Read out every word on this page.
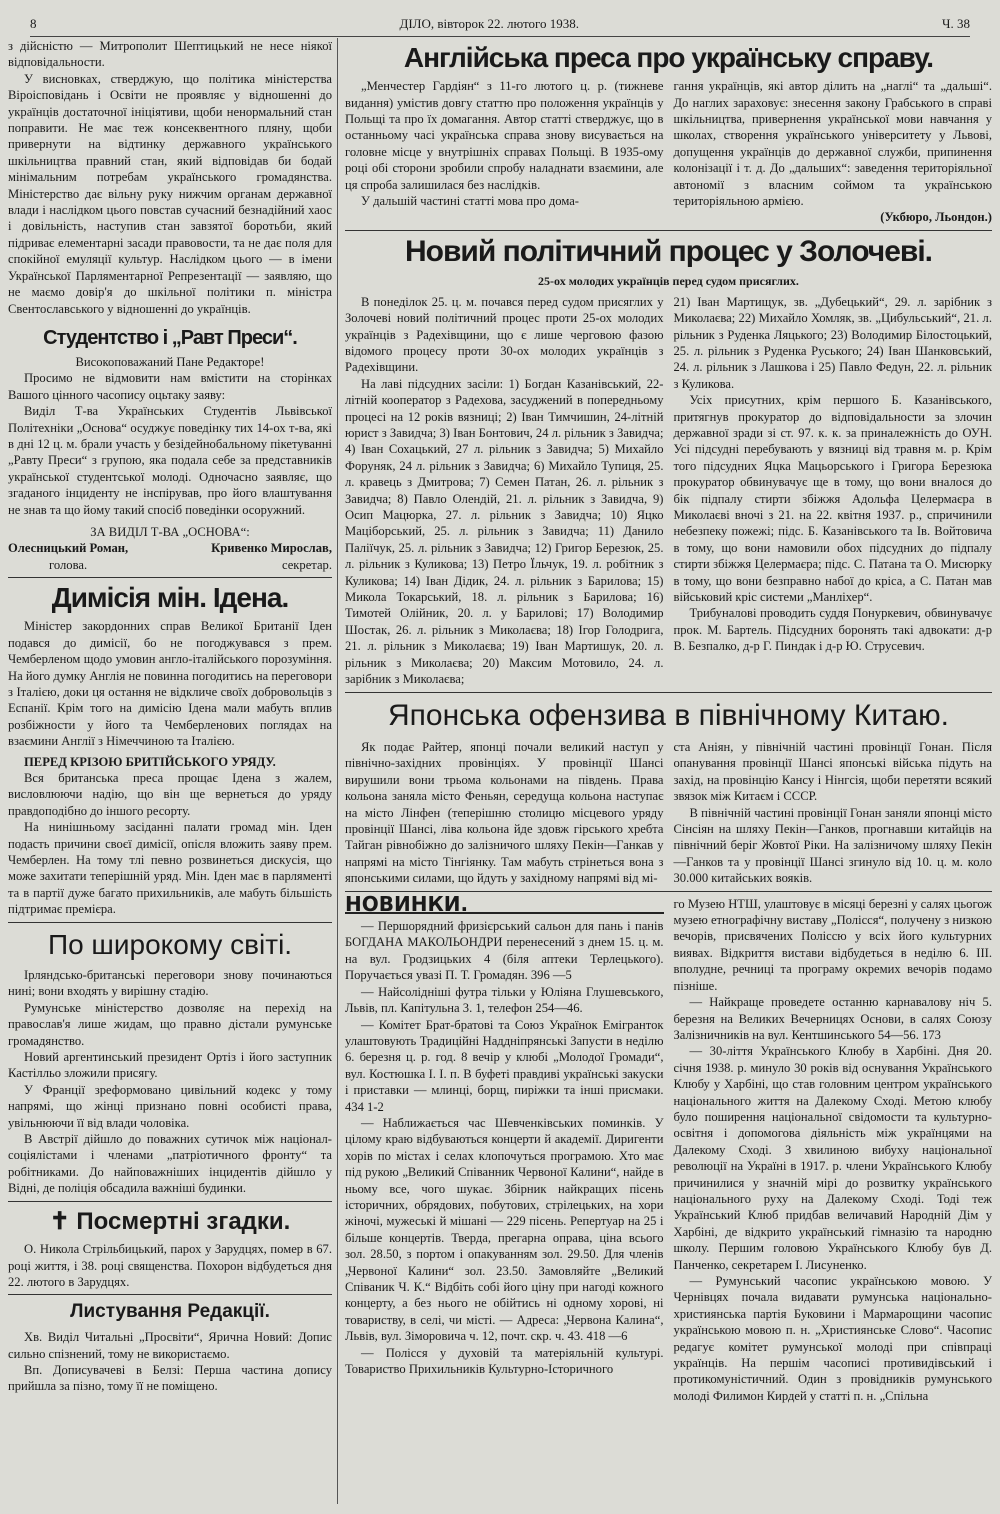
8	ДІЛО, вівторок 22. лютого 1938.	Ч. 38

з дійсністю — Митрополит Шептицький не несе ніякої відповідальности.

У висновках, стверджую, що політика міністерства Віроісповідань і Освіти не проявляє у відношенні до українців достаточної ініціятиви, щоби ненормальний стан поправити. Не має теж консеквентного пляну, щоби привернути на відтинку державного українського шкільництва правний стан, який відповідав би бодай мінімальним потребам українського громадянства. Міністерство дає вільну руку нижчим органам державної влади і наслідком цього повстав сучасний безнадійний хаос і довільність, наступив стан завзятої боротьби, який підриває елементарні засади правовости, та не дає поля для спокійної емуляції культур. Наслідком цього — в імени Української Парляментарної Репрезентації — заявляю, що не маємо довір'я до шкільної політики п. міністра Свентославського у відношенні до українців.

Студентство і „Равт Преси“.

Високоповажаний Пане Редакторе!

Просимо не відмовити нам вмістити на сторінках Вашого цінного часопису оцьтаку заяву:

Виділ Т-ва Українських Студентів Львівської Політехніки „Основа“ осуджує поведінку тих 14-ох т-ва, які в дні 12 ц. м. брали участь у безідейнобальному пікетуванні „Равту Преси“ з групою, яка подала себе за представників української студентської молоді. Одночасно заявляє, що згаданого інциденту не інспірував, про його влаштування не знав та що йому такий спосіб поведінки осоружний.

ЗА ВИДІЛ Т-ВА „ОСНОВА“:

Олесницький Роман,
голова.
Кривенко Мирослав,
секретар.
Димісія мін. Ідена.

Міністер закордонних справ Великої Британії Іден подався до димісії, бо не погоджувався з прем. Чемберленом щодо умовин англо-італійського порозуміння. На його думку Англія не повинна погодитись на переговори з Італією, доки ця остання не відкличе своїх добровольців з Еспанії. Крім того на димісію Ідена мали мабуть вплив розбіжности у його та Чемберленових поглядах на взаємини Англії з Німеччиною та Італією.

ПЕРЕД КРІЗОЮ БРИТІЙСЬКОГО УРЯДУ.

Вся британська преса прощає Ідена з жалем, висловлюючи надію, що він ще вернеться до уряду правдоподібно до іншого ресорту.

На нинішньому засіданні палати громад мін. Іден подасть причини своєї димісії, опісля вложить заяву прем. Чемберлен. На тому тлі певно розвинеться дискусія, що може захитати теперішній уряд. Мін. Іден має в парляменті та в партії дуже багато прихильників, але мабуть більшість підтримає премієра.

По широкому світі.

Ірляндсько-британські переговори знову починаються нині; вони входять у вирішну стадію.

Румунське міністерство дозволяє на перехід на православ'я лише жидам, що правно дістали румунське громадянство.

Новий аргентинський президент Ортіз і його заступник Кастілльо зложили присягу.

У Франції зреформовано цивільний кодекс у тому напрямі, що жінці признано повні особисті права, увільнюючи її від влади чоловіка.

В Австрії дійшло до поважних сутичок між націонал-соціялістами і членами „патріотичного фронту“ та робітниками. До найповажніших інцидентів дійшло у Відні, де поліція обсадила важніші будинки.

✝ Посмертні згадки.

О. Никола Стрільбицький, парох у Зарудцях, помер в 67. році життя, і 38. році священства. Похорон відбудеться дня 22. лютого в Зарудцях.

Листування Редакції.

Хв. Виділ Читальні „Просвіти“, Ярична Новий: Допис сильно спізнений, тому не використаємо.

Вп. Дописувачеві в Белзі: Перша частина допису прийшла за пізно, тому її не поміщено.

Англійська преса про українську справу.

„Менчестер Гардіян“ з 11-го лютого ц. р. (тижневе видання) умістив довгу статтю про положення українців у Польщі та про їх домагання. Автор статті стверджує, що в останньому часі українська справа знову висувається на головне місце у внутрішніх справах Польщі. В 1935-ому році обі сторони зробили спробу наладнати взаємини, але ця спроба залишилася без наслідків.

У дальшій частині статті мова про дома-

гання українців, які автор ділить на „наглі“ та „дальші“. До наглих зараховує: знесення закону Грабського в справі шкільництва, привернення української мови навчання у школах, створення українського університету у Львові, допущення українців до державної служби, припинення колонізації і т. д. До „дальших“: заведення територіяльної автономії з власним соймом та українською територіяльною армією.

(Укбюро, Льондон.)

Новий політичний процес у Золочеві.
25-ох молодих українців перед судом присяглих.

В понеділок 25. ц. м. почався перед судом присяглих у Золочеві новий політичний процес проти 25-ох молодих українців з Радехівщини, що є лише черговою фазою відомого процесу проти 30-ох молодих українців з Радехівщини.

На лаві підсудних засіли: 1) Богдан Казанівський, 22-літній кооператор з Радехова, засуджений в попередньому процесі на 12 років вязниці; 2) Іван Тимчишин, 24-літній юрист з Завидча; 3) Іван Бонтович, 24 л. рільник з Завидча; 4) Іван Сохацький, 27 л. рільник з Завидча; 5) Михайло Форуняк, 24 л. рільник з Завидча; 6) Михайло Тупиця, 25. л. кравець з Дмитрова; 7) Семен Патан, 26. л. рільник з Завидча; 8) Павло Олендій, 21. л. рільник з Завидча, 9) Осип Мацюрка, 27. л. рільник з Завидча; 10) Яцко Маціборський, 25. л. рільник з Завидча; 11) Данило Паліїчук, 25. л. рільник з Завидча; 12) Григор Березюк, 25. л. рільник з Куликова; 13) Петро Їльчук, 19. л. робітник з Куликова; 14) Іван Дідик, 24. л. рільник з Барилова; 15) Микола Токарський, 18. л. рільник з Барилова; 16) Тимотей Олійник, 20. л. у Барилові; 17) Володимир Шостак, 26. л. рільник з Миколаєва; 18) Ігор Голодрига, 21. л. рільник з Миколаєва; 19) Іван Мартишук, 20. л. рільник з Миколаєва; 20) Максим Мотовило, 24. л. зарібник з Миколаєва;

21) Іван Мартищук, зв. „Дубецький“, 29. л. зарібник з Миколаєва; 22) Михайло Хомляк, зв. „Цибульський“, 21. л. рільник з Руденка Ляцького; 23) Володимир Білостоцький, 25. л. рільник з Руденка Руського; 24) Іван Шанковський, 24. л. рільник з Лашкова і 25) Павло Федун, 22. л. рільник з Куликова.

Усіх присутних, крім першого Б. Казанівського, притягнув прокуратор до відповідальности за злочин державної зради зі ст. 97. к. к. за приналежність до ОУН. Усі підсудні перебувають у вязниці від травня м. р. Крім того підсудних Яцка Мацьорського і Григора Березюка прокуратор обвинувачує ще в тому, що вони вналося до бік підпалу стирти збіжжя Адольфа Целермаєра в Миколаєві вночі з 21. на 22. квітня 1937. р., спричинили небезпеку пожежі; підс. Б. Казанівського та Ів. Войтовича в тому, що вони намовили обох підсудних до підпалу стирти збіжжя Целермаєра; підс. С. Патана та О. Мисюрку в тому, що вони безправно набої до кріса, а С. Патан мав військовий кріс системи „Манліхер“.

Трибуналові проводить суддя Понуркевич, обвинувачує прок. М. Бартель. Підсудних боронять такі адвокати: д-р В. Безпалко, д-р Г. Пиндак і д-р Ю. Струсевич.

Японська офензива в північному Китаю.

Як подає Райтер, японці почали великий наступ у північно-західних провінціях. У провінції Шансі вирушили вони трьома кольонами на південь. Права кольона заняла місто Феньян, середуща кольона наступає на місто Лінфен (теперішню столицю місцевого уряду провінції Шансі, ліва кольона йде здовж гірського хребта Тайган рівнобіжно до залізничого шляху Пекін—Ганкав у напрямі на місто Тінгіянку. Там мабуть стрінеться вона з японськими силами, що йдуть у західному напрямі від мі-

ста Аніян, у північній частині провінції Гонан. Після опанування провінції Шансі японські війська підуть на захід, на провінцію Кансу і Нінгсія, щоби перетяти всякий звязок між Китаєм і СССР.

В північній частині провінції Гонан заняли японці місто Сінсіян на шляху Пекін—Ганков, прогнавши китайців на північний беріг Жовтої Ріки. На залізничому шляху Пекін—Ганков та у провінції Шансі згинуло від 10. ц. м. коло 30.000 китайських вояків.

НОВИНКИ.

— Першорядний фризієрський сальон для пань і панів БОГДАНА МАКОЛЬОНДРИ перенесений з днем 15. ц. м. на вул. Гродзицьких 4 (біля аптеки Терлецького). Поручається увазі П. Т. Громадян. 396 —5

— Найсолідніші футра тільки у Юліяна Глушевського, Львів, пл. Капітульна 3. 1, телефон 254—46.

— Комітет Брат-братові та Союз Українок Емігранток улаштовують Традиційні Наддніпрянські Запусти в неділю 6. березня ц. р. год. 8 вечір у клюбі „Молодої Громади“, вул. Костюшка І. І. п. В буфеті правдиві українські закуски і приставки — млинці, борщ, пиріжки та інші присмаки. 434 1-2

— Наближається час Шевченківських поминків. У цілому краю відбуваються концерти й академії. Диригенти хорів по містах і селах клопочуться програмою. Хто має під рукою „Великий Співанник Червоної Калини“, найде в ньому все, чого шукає. Збірник найкращих пісень історичних, обрядових, побутових, стрілецьких, на хори жіночі, мужеські й мішані — 229 пісень. Репертуар на 25 і більше концертів. Тверда, прегарна оправа, ціна всього зол. 28.50, з портом і опакуванням зол. 29.50. Для членів „Червоної Калини“ зол. 23.50. Замовляйте „Великий Співаник Ч. К.“ Відбіть собі його ціну при нагоді кожного концерту, а без нього не обійтись ні одному хорові, ні товариству, в селі, чи місті. — Адреса: „Червона Калина“, Львів, вул. Зіморовича ч. 12, почт. скр. ч. 43. 418 —6

— Полісся у духовій та матеріяльній культурі. Товариство Прихильників Культурно-Історичного

го Музею НТШ, улаштовує в місяці березні у салях цьогож музею етнографічну виставу „Полісся“, получену з низкою вечорів, присвячених Поліссю у всіх його культурних виявах. Відкриття вистави відбудеться в неділю 6. III. вполудне, речниці та програму окремих вечорів подамо пізніше.

— Найкраще проведете останню карнавалову ніч 5. березня на Великих Вечерницях Основи, в салях Союзу Залізничників на вул. Кентшинського 54—56. 173

— 30-ліття Українського Клюбу в Харбіні. Дня 20. січня 1938. р. минуло 30 років від оснування Українського Клюбу у Харбіні, що став головним центром українського національного життя на Далекому Сході. Метою клюбу було поширення національної свідомости та культурно-освітня і допомогова діяльність між українцями на Далекому Сході. З хвилиною вибуху національної революції на Україні в 1917. р. члени Українського Клюбу причинилися у значній мірі до розвитку українського національного руху на Далекому Сході. Тоді теж Український Клюб придбав величавий Народній Дім у Харбіні, де відкрито український гімназію та народню школу. Першим головою Українського Клюбу був Д. Панченко, секретарем І. Лисуненко.

— Румунський часопис українською мовою. У Чернівцях почала видавати румунська національно-християнська партія Буковини і Мармарощини часопис українською мовою п. н. „Християнське Слово“. Часопис редагує комітет румунської молоді при співпраці українців. На першім часописі противидівський і протикомуністичний. Один з провідників румунського молоді Филимон Кирдей у статті п. н. „Спільна
